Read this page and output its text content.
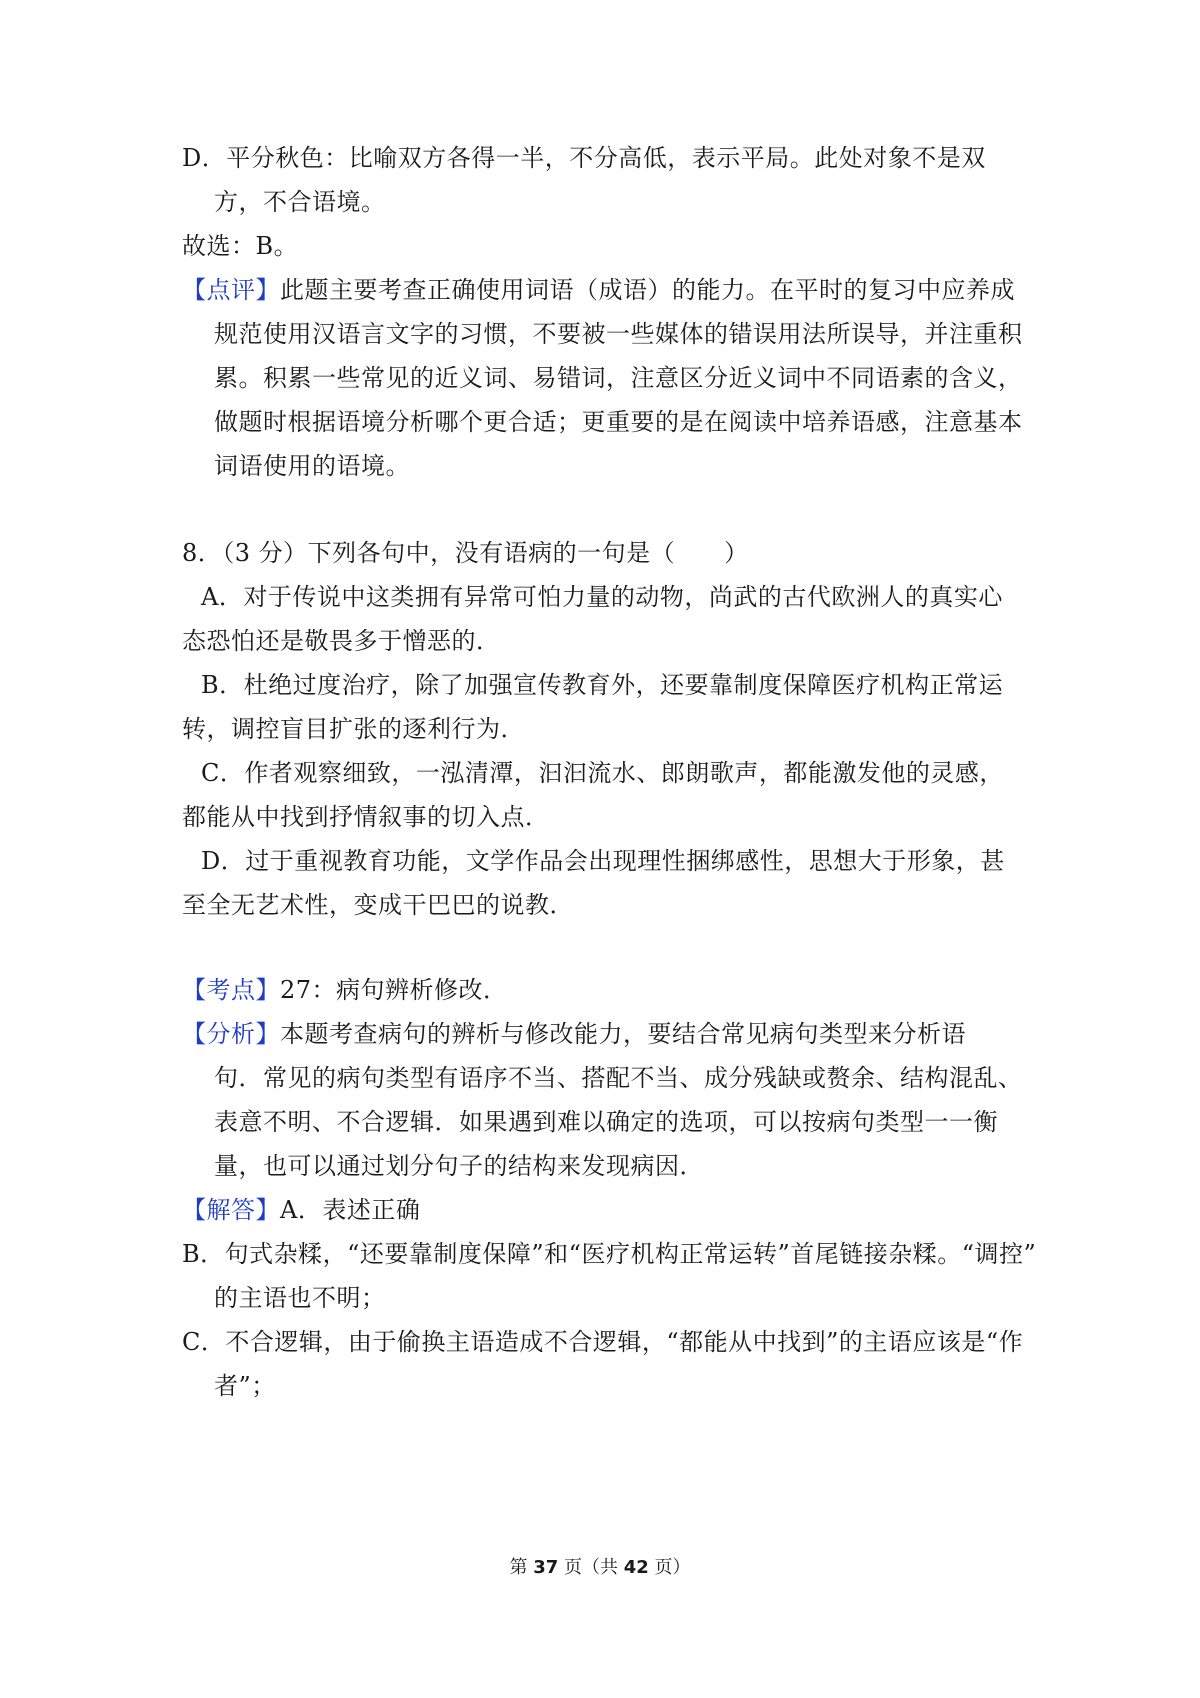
D．平分秋色：比喻双方各得一半，不分高低，表示平局。此处对象不是双
方，不合语境。
故选：B。
【点评】此题主要考查正确使用词语（成语）的能力。在平时的复习中应养成
规范使用汉语言文字的习惯，不要被一些媒体的错误用法所误导，并注重积
累。积累一些常见的近义词、易错词，注意区分近义词中不同语素的含义，
做题时根据语境分析哪个更合适；更重要的是在阅读中培养语感，注意基本
词语使用的语境。
8．（3 分）下列各句中，没有语病的一句是（　　）
A．对于传说中这类拥有异常可怕力量的动物，尚武的古代欧洲人的真实心
态恐怕还是敬畏多于憎恶的．
B．杜绝过度治疗，除了加强宣传教育外，还要靠制度保障医疗机构正常运
转，调控盲目扩张的逐利行为．
C．作者观察细致，一泓清潭，汩汩流水、郎朗歌声，都能激发他的灵感，
都能从中找到抒情叙事的切入点．
D．过于重视教育功能，文学作品会出现理性捆绑感性，思想大于形象，甚
至全无艺术性，变成干巴巴的说教．
【考点】27：病句辨析修改．
【分析】本题考查病句的辨析与修改能力，要结合常见病句类型来分析语
句．常见的病句类型有语序不当、搭配不当、成分残缺或赘余、结构混乱、
表意不明、不合逻辑．如果遇到难以确定的选项，可以按病句类型一一衡
量，也可以通过划分句子的结构来发现病因．
【解答】A．表述正确
B．句式杂糅，“还要靠制度保障”和“医疗机构正常运转”首尾链接杂糅。“调控”
的主语也不明；
C．不合逻辑，由于偷换主语造成不合逻辑，“都能从中找到”的主语应该是“作
者”；
第 37 页（共 42 页）
